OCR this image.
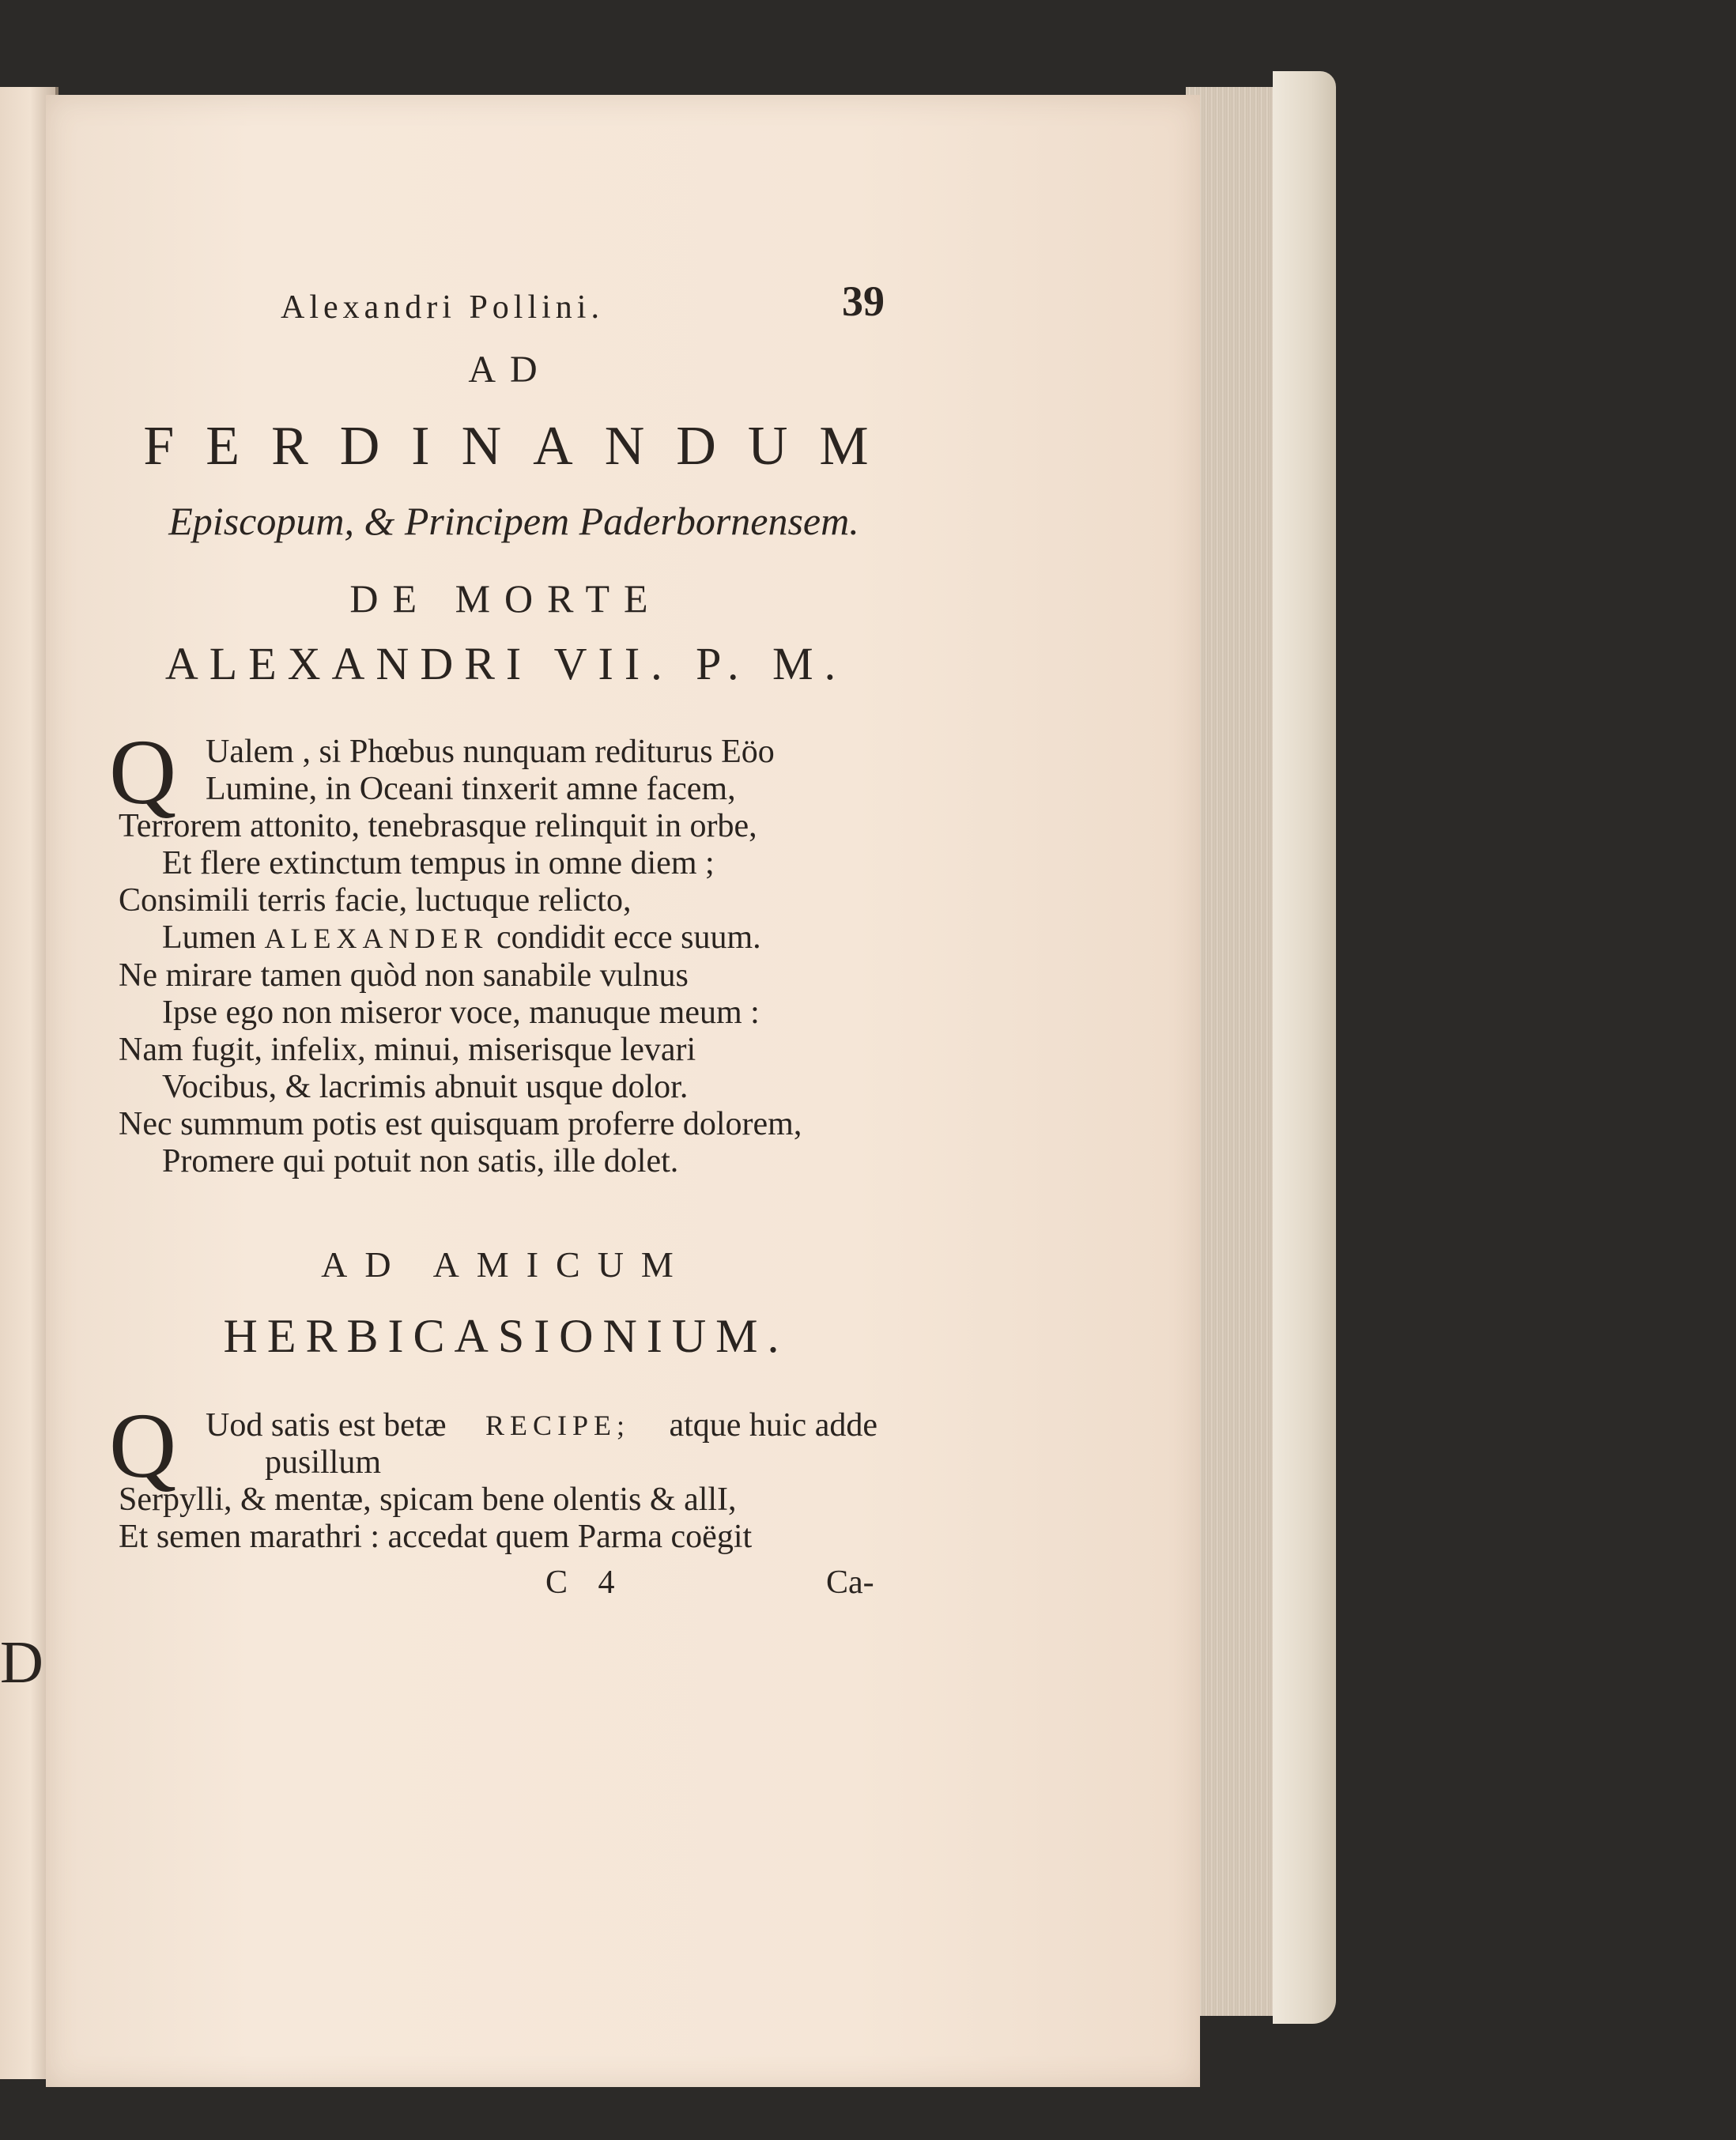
D
Alexandri Pollini.	39
AD
FERDINANDUM
Episcopum, & Principem Paderbornensem.
DE MORTE
ALEXANDRI VII. P. M.
Q Ualem , si Phœbus nunquam rediturus Eöo
Lumine, in Oceani tinxerit amne facem,
Terrorem attonito, tenebrasque relinquit in orbe,
Et flere extinctum tempus in omne diem ;
Consimili terris facie, luctuque relicto,
Lumen ALEXANDER condidit ecce suum.
Ne mirare tamen quòd non sanabile vulnus
Ipse ego non miseror voce, manuque meum :
Nam fugit, infelix, minui, miserisque levari
Vocibus, & lacrimis abnuit usque dolor.
Nec summum potis est quisquam proferre dolorem,
Promere qui potuit non satis, ille dolet.
AD AMICUM
HERBICASIONIUM.
Q Uod satis est betæ RECIPE; atque huic adde
pusillum
Serpylli, & mentæ, spicam bene olentis & allI,
Et semen marathri : accedat quem Parma coëgit
C 4	Ca-
